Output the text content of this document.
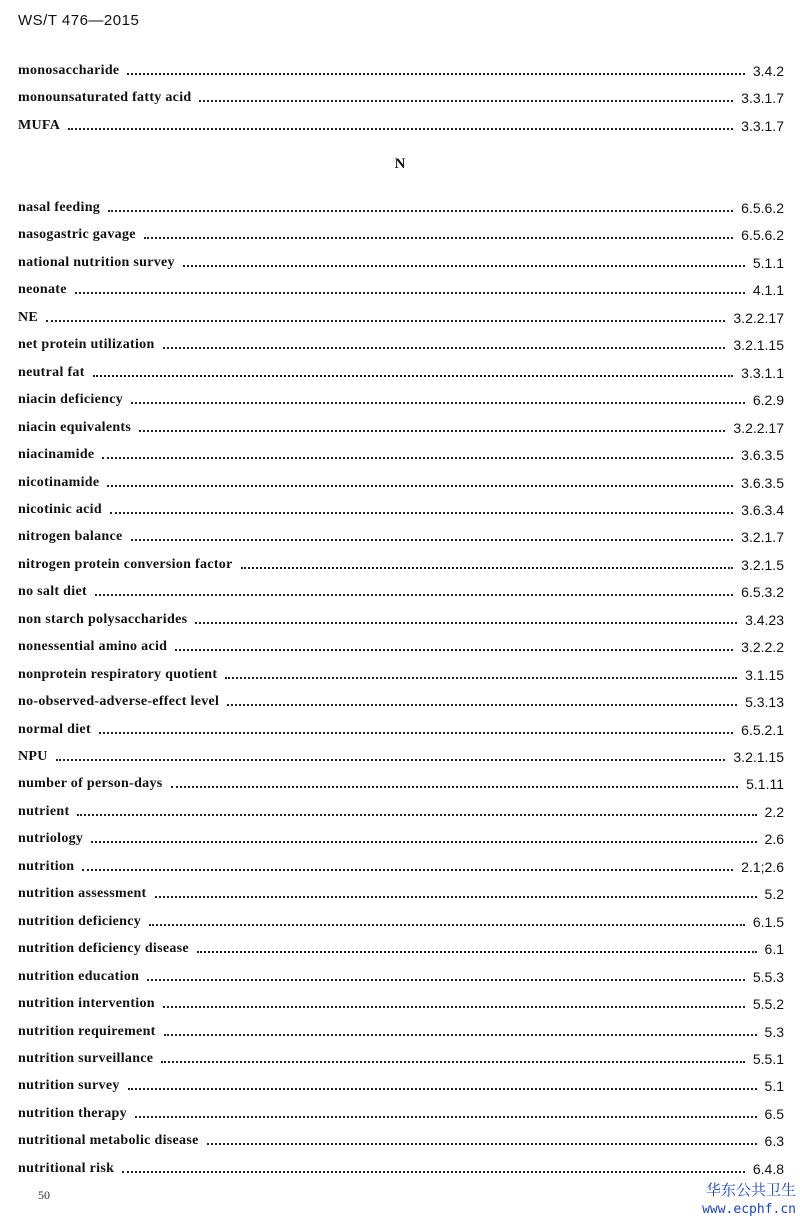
WS/T 476—2015
monosaccharide	3.4.2
monounsaturated fatty acid	3.3.1.7
MUFA	3.3.1.7
nasal feeding	6.5.6.2
nasogastric gavage	6.5.6.2
national nutrition survey	5.1.1
neonate	4.1.1
NE	3.2.2.17
net protein utilization	3.2.1.15
neutral fat	3.3.1.1
niacin deficiency	6.2.9
niacin equivalents	3.2.2.17
niacinamide	3.6.3.5
nicotinamide	3.6.3.5
nicotinic acid	3.6.3.4
nitrogen balance	3.2.1.7
nitrogen protein conversion factor	3.2.1.5
no salt diet	6.5.3.2
non starch polysaccharides	3.4.23
nonessential amino acid	3.2.2.2
nonprotein respiratory quotient	3.1.15
no-observed-adverse-effect level	5.3.13
normal diet	6.5.2.1
NPU	3.2.1.15
number of person-days	5.1.11
nutrient	2.2
nutriology	2.6
nutrition	2.1;2.6
nutrition assessment	5.2
nutrition deficiency	6.1.5
nutrition deficiency disease	6.1
nutrition education	5.5.3
nutrition intervention	5.5.2
nutrition requirement	5.3
nutrition surveillance	5.5.1
nutrition survey	5.1
nutrition therapy	6.5
nutritional metabolic disease	6.3
nutritional risk	6.4.8
N
50	华东公共卫生
www.ecphf.cn
